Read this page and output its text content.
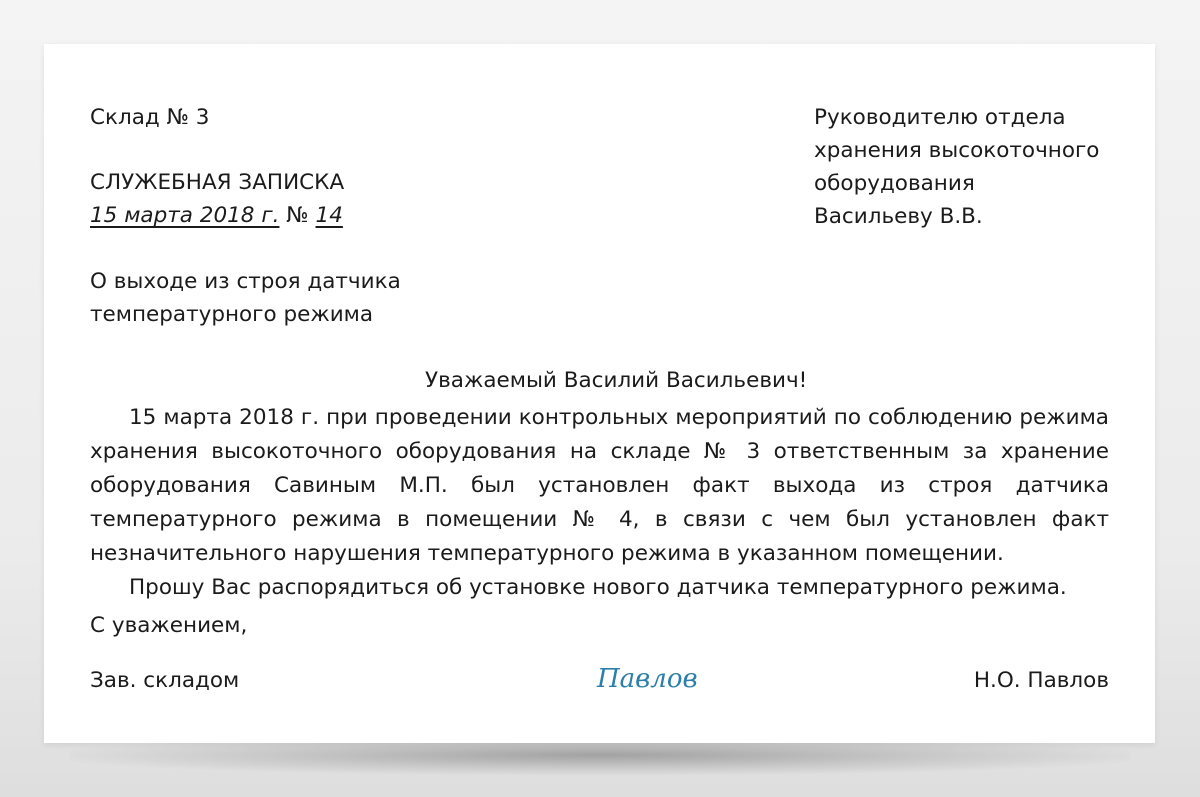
Склад № 3
СЛУЖЕБНАЯ ЗАПИСКА
15 марта 2018 г. № 14
Руководителю отдела
хранения высокоточного
оборудования
Васильеву В.В.
О выходе из строя датчика
температурного режима
Уважаемый Василий Васильевич!

15 марта 2018 г. при проведении контрольных мероприятий по соблюдению режима хранения высокоточного оборудования на складе № 3 ответственным за хранение оборудования Савиным М.П. был установлен факт выхода из строя датчика температурного режима в помещении № 4, в связи с чем был установлен факт незначительного нарушения температурного режима в указанном помещении.

Прошу Вас распорядиться об установке нового датчика температурного режима.

С уважением,
Зав. складом	Павлов	Н.О. Павлов
